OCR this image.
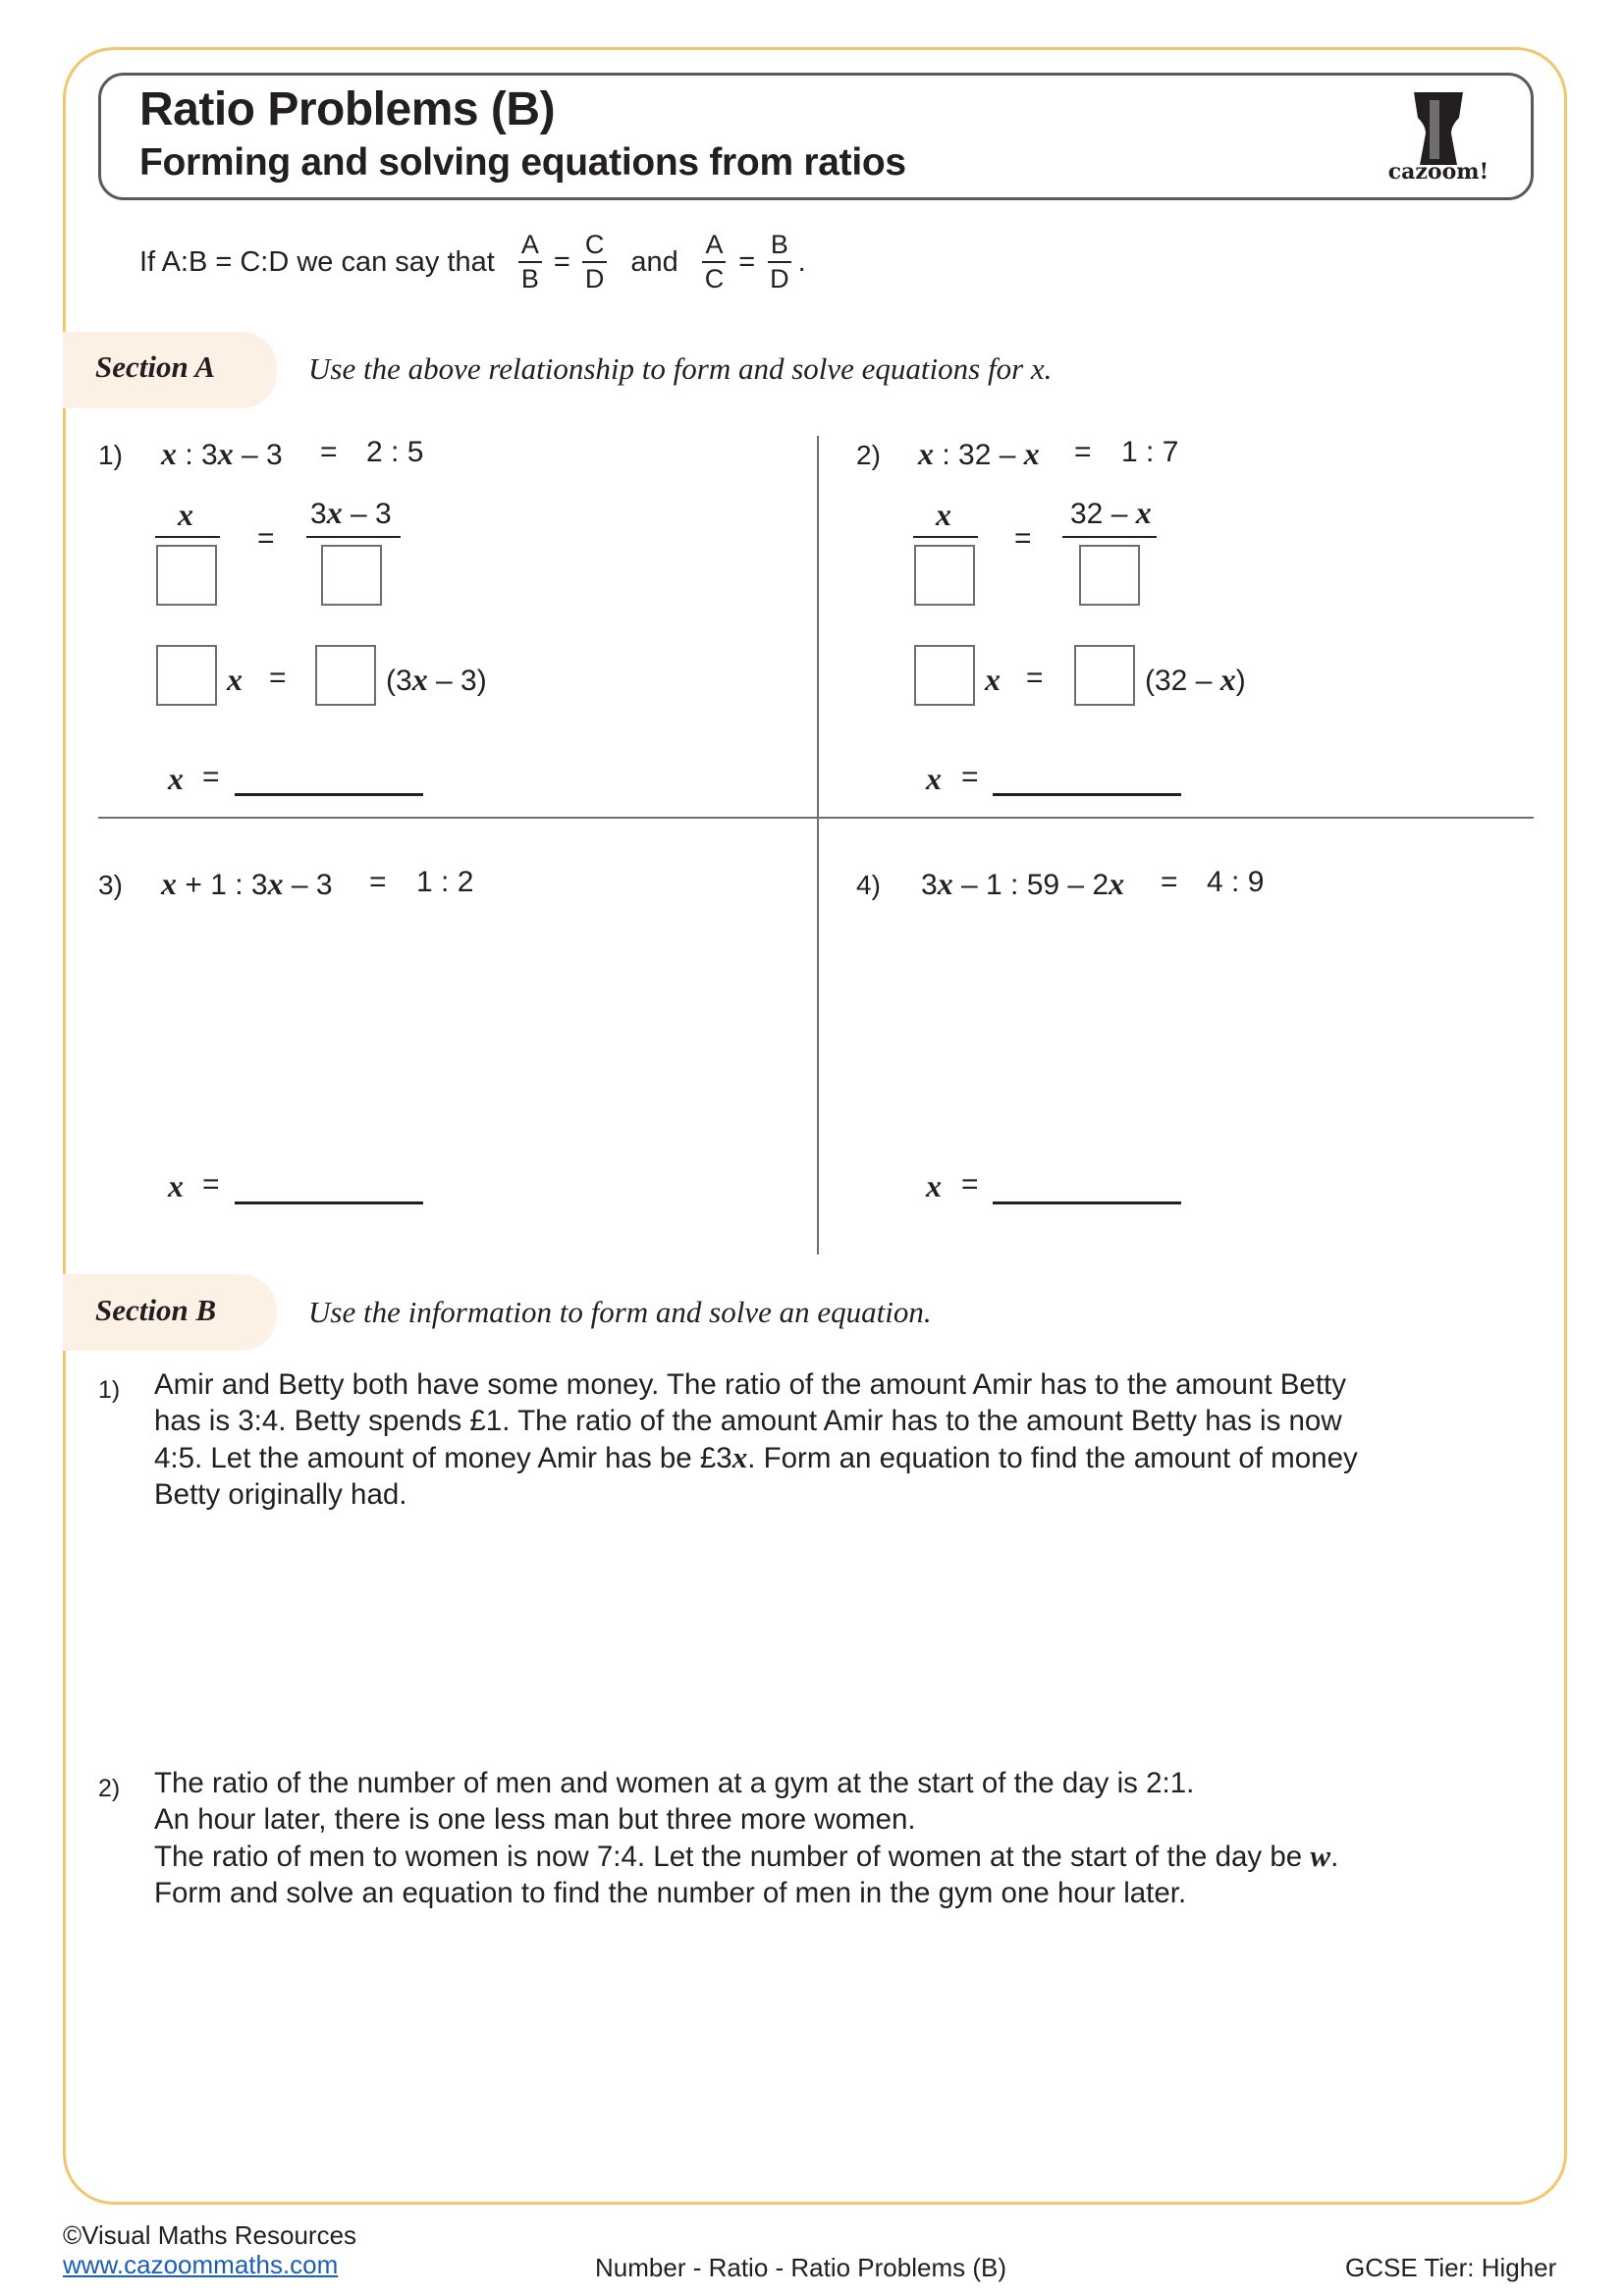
Ratio Problems (B)
Forming and solving equations from ratios	cazoom!
If A:B = C:D we can say that $\frac{A}{B} = \frac{C}{D}$ and $\frac{A}{C} = \frac{B}{D}$ .
Section A	Use the above relationship to form and solve equations for x.
1) x : 3x – 3 = 2 : 5
x
=
3x – 3
x =	(3x – 3)
x =
2) x : 32 – x = 1 : 7
x
=
32 – x
x =	(32 – x)
x =
3) x + 1 : 3x – 3 = 1 : 2
x =
4) 3x – 1 : 59 – 2x = 4 : 9
x =
Section B	Use the information to form and solve an equation.
1) Amir and Betty both have some money. The ratio of the amount Amir has to the amount Betty
has is 3:4. Betty spends £1. The ratio of the amount Amir has to the amount Betty has is now
4:5. Let the amount of money Amir has be £3x. Form an equation to find the amount of money
Betty originally had.
2) The ratio of the number of men and women at a gym at the start of the day is 2:1.
An hour later, there is one less man but three more women.
The ratio of men to women is now 7:4. Let the number of women at the start of the day be w.
Form and solve an equation to find the number of men in the gym one hour later.
©Visual Maths Resources
www.cazoommaths.com	Number - Ratio - Ratio Problems (B)	GCSE Tier: Higher
